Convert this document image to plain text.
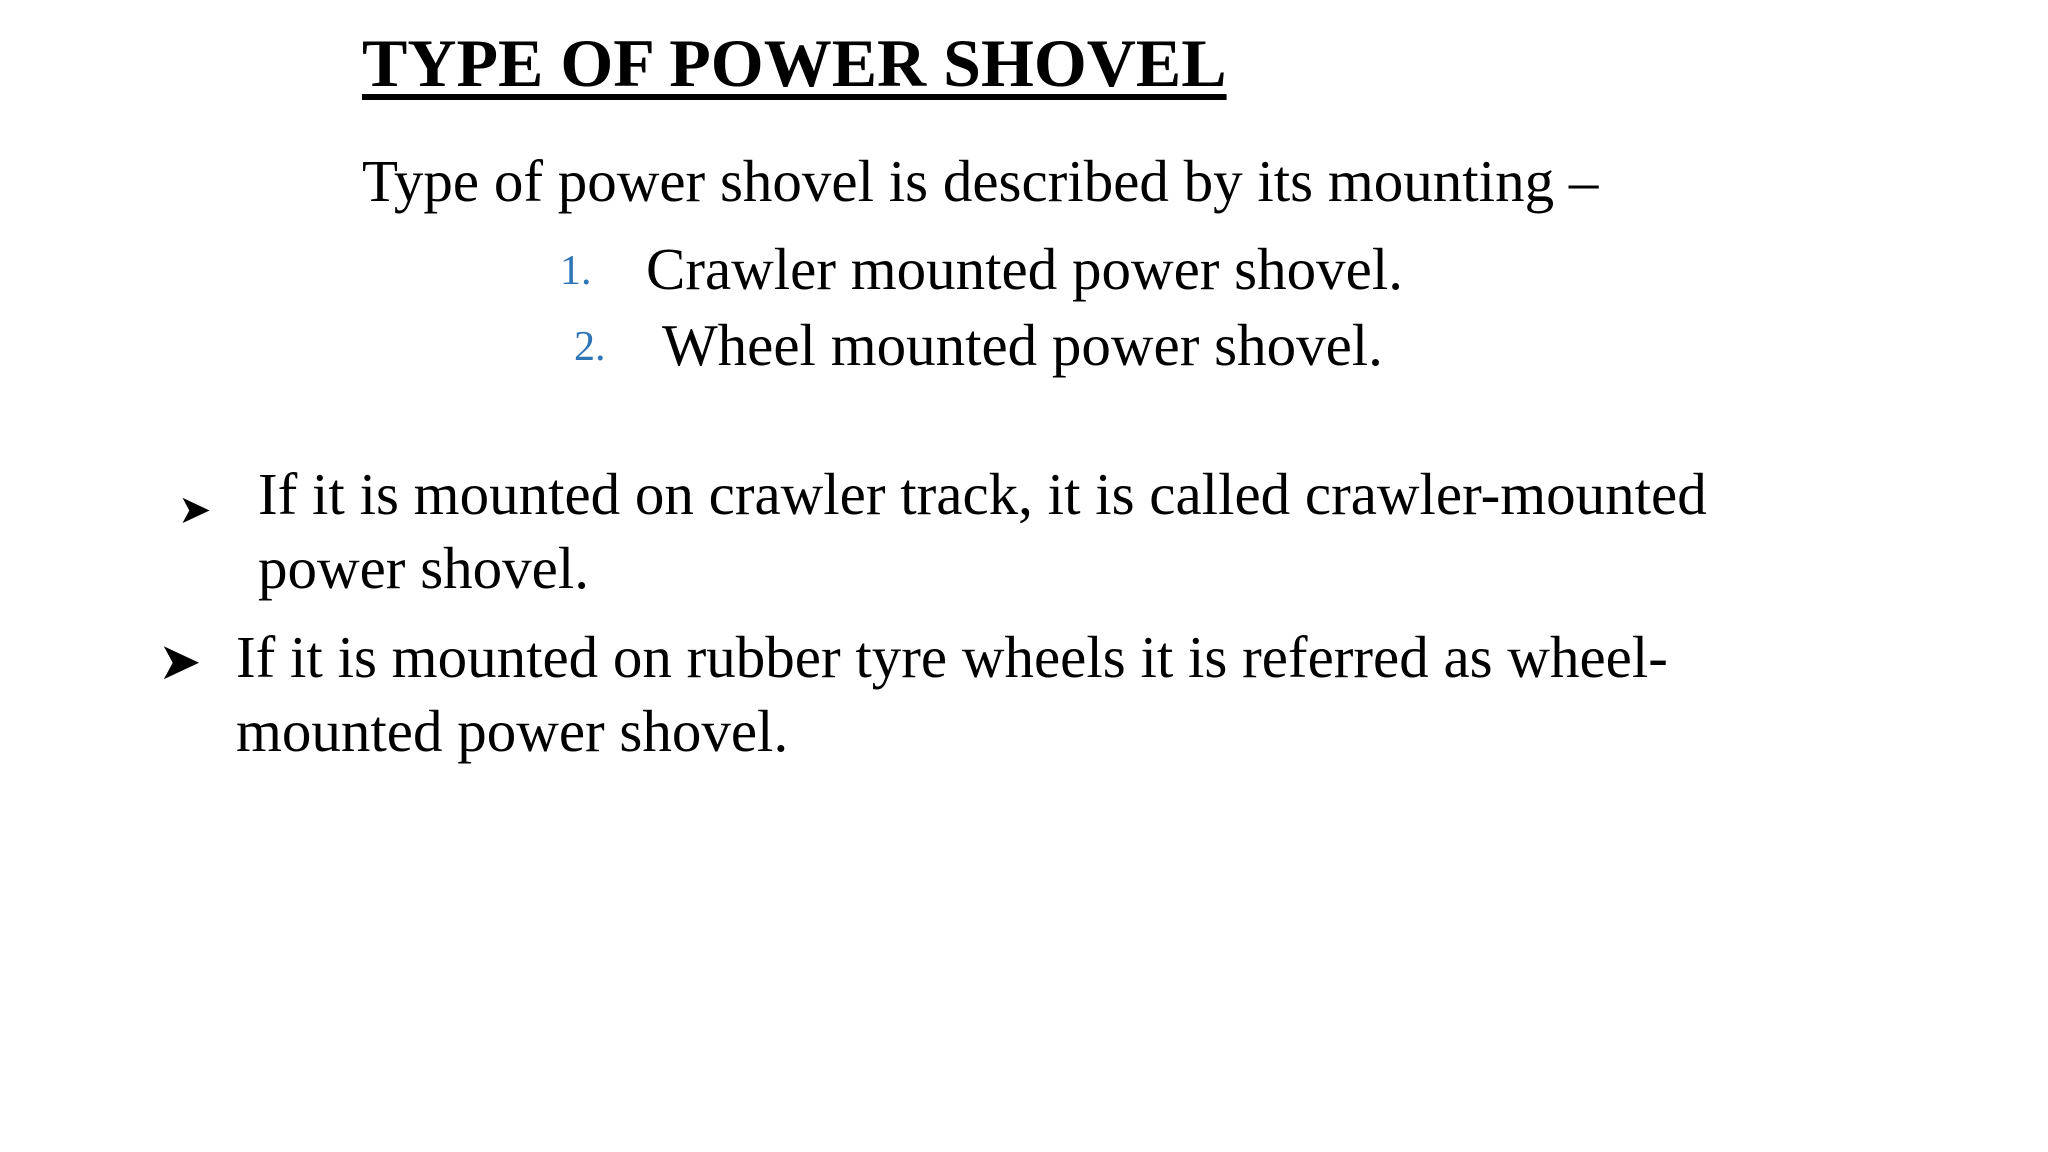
TYPE OF POWER SHOVEL
Type of power shovel is described by its mounting –
1. Crawler mounted power shovel.
2. Wheel mounted power shovel.
➤ If it is mounted on crawler track, it is called crawler-mounted
power shovel.
➤ If it is mounted on rubber tyre wheels it is referred as wheel-
mounted power shovel.
